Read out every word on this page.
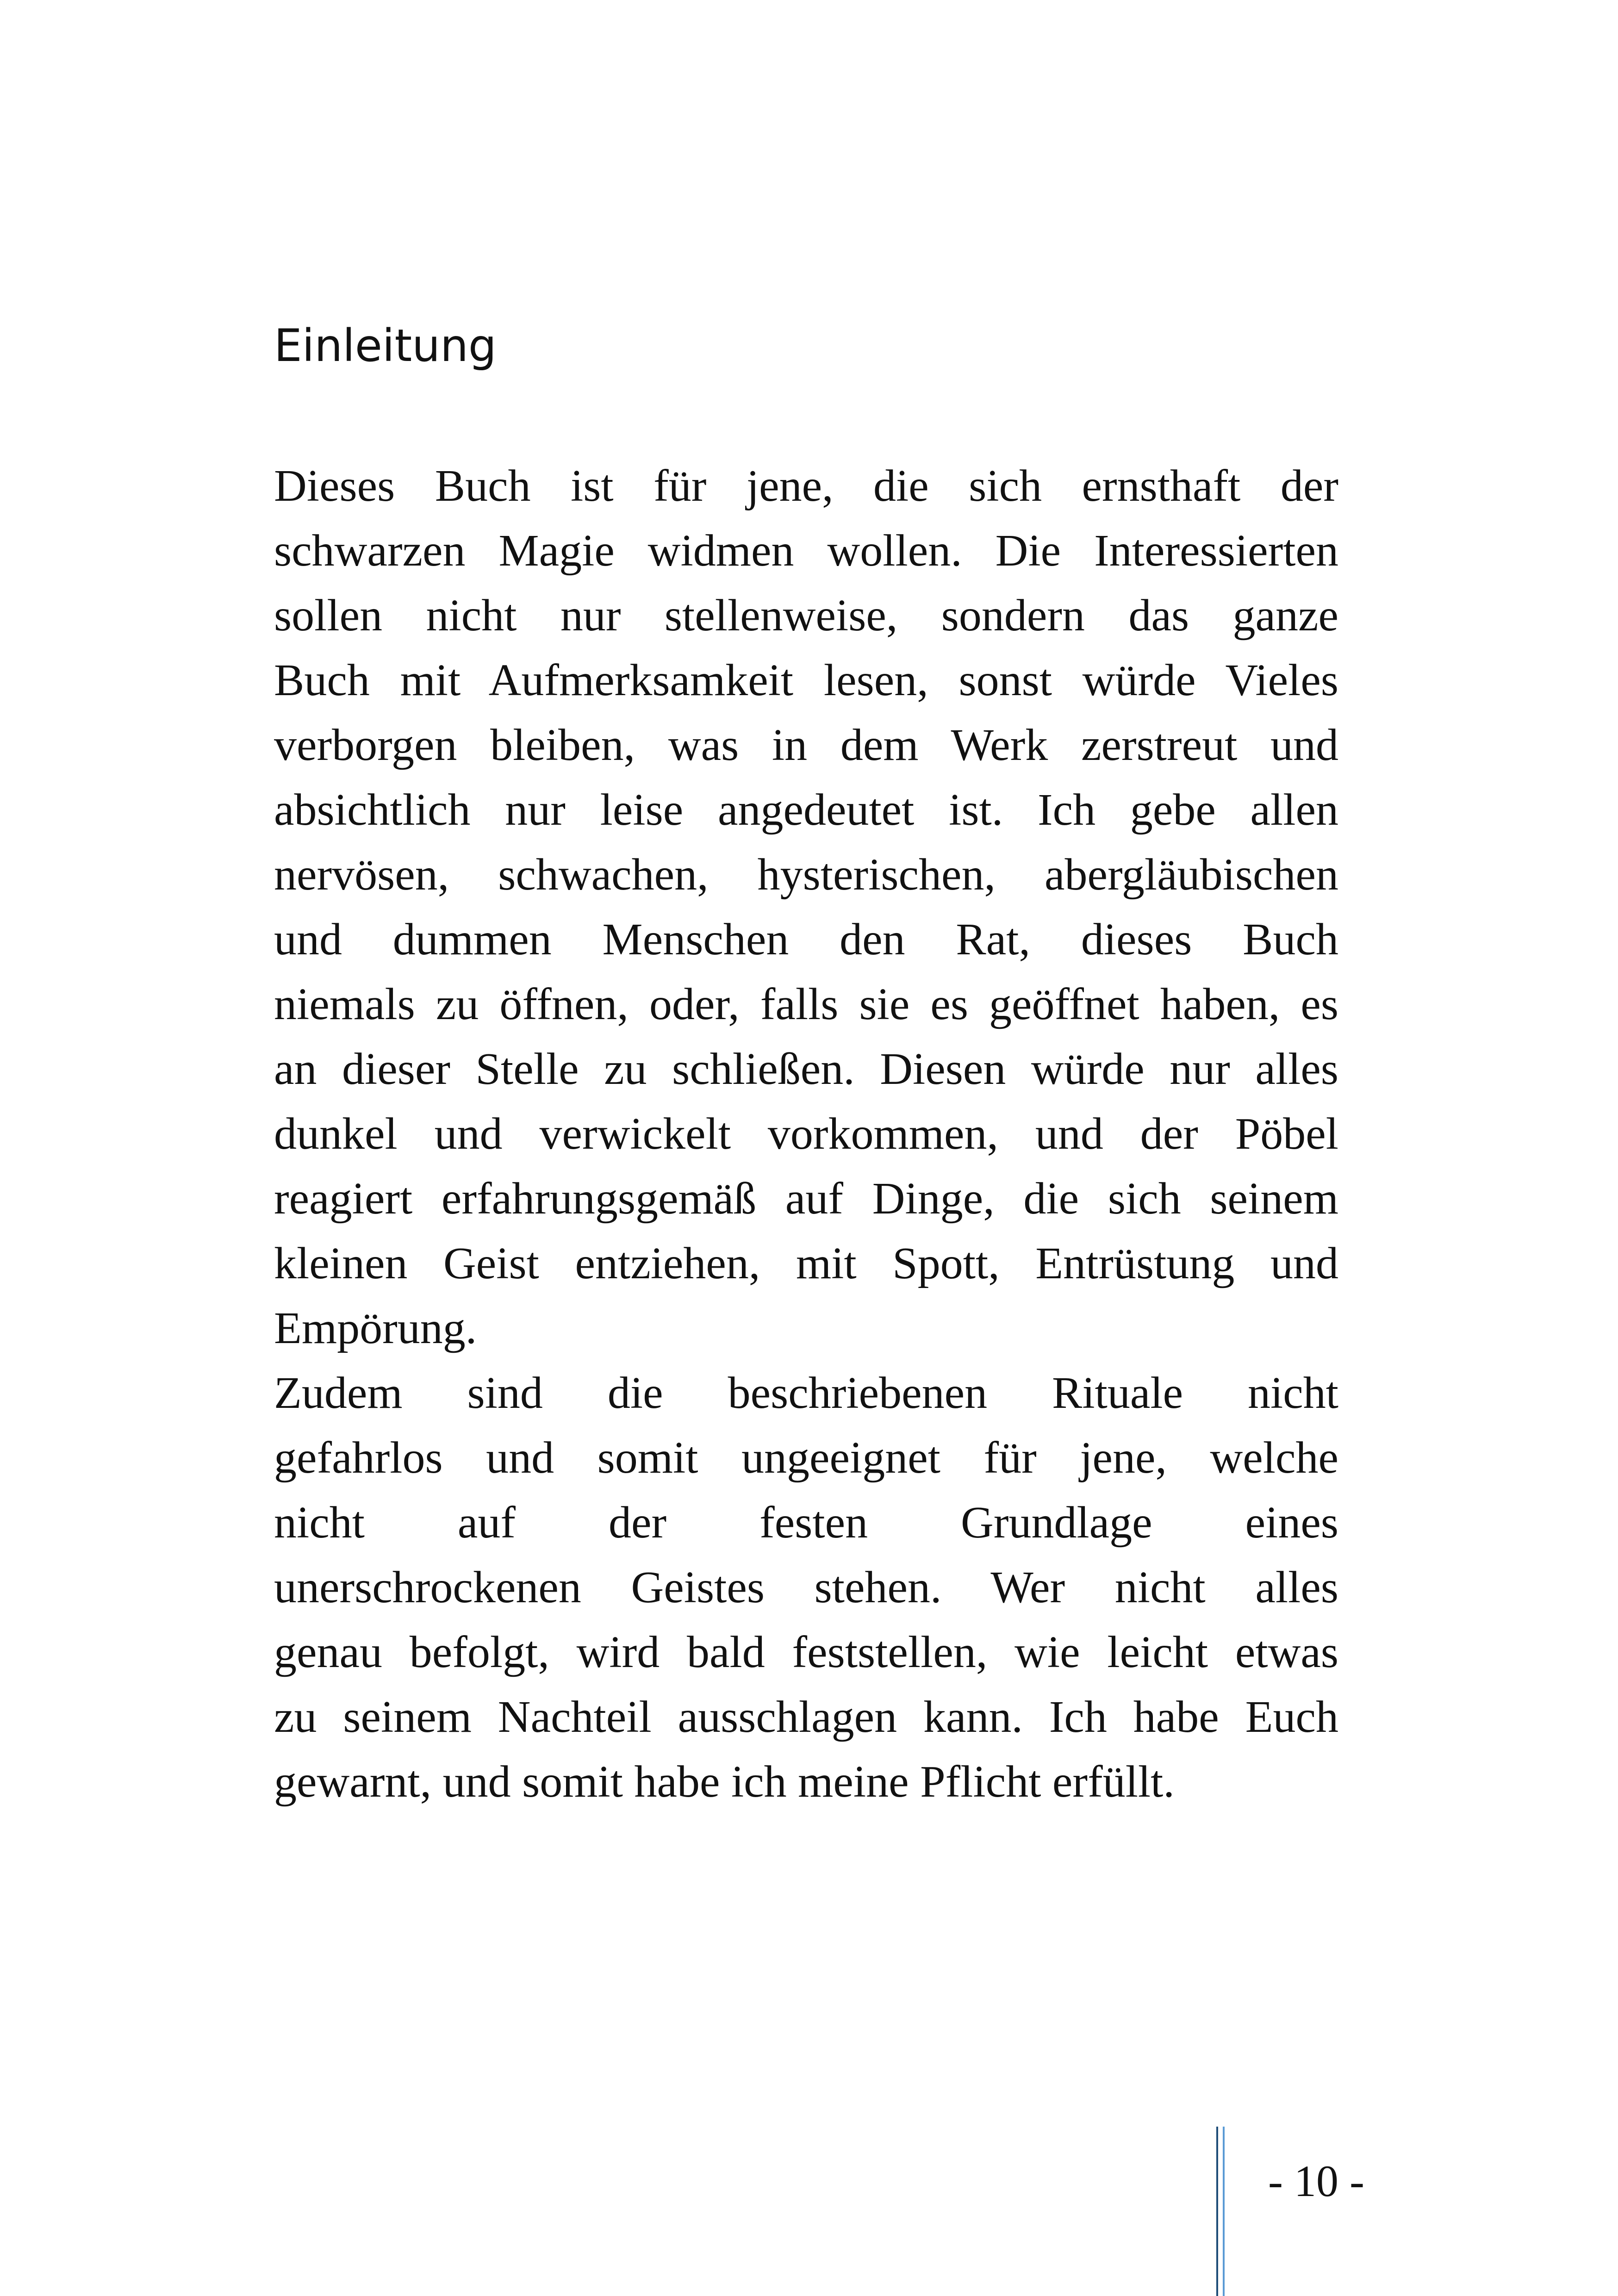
Einleitung

Dieses Buch ist für jene, die sich ernsthaft der
schwarzen Magie widmen wollen. Die Interessierten
sollen nicht nur stellenweise, sondern das ganze
Buch mit Aufmerksamkeit lesen, sonst würde Vieles
verborgen bleiben, was in dem Werk zerstreut und
absichtlich nur leise angedeutet ist. Ich gebe allen
nervösen, schwachen, hysterischen, abergläubischen
und dummen Menschen den Rat, dieses Buch
niemals zu öffnen, oder, falls sie es geöffnet haben, es
an dieser Stelle zu schließen. Diesen würde nur alles
dunkel und verwickelt vorkommen, und der Pöbel
reagiert erfahrungsgemäß auf Dinge, die sich seinem
kleinen Geist entziehen, mit Spott, Entrüstung und
Empörung.

Zudem sind die beschriebenen Rituale nicht
gefahrlos und somit ungeeignet für jene, welche
nicht auf der festen Grundlage eines
unerschrockenen Geistes stehen. Wer nicht alles
genau befolgt, wird bald feststellen, wie leicht etwas
zu seinem Nachteil ausschlagen kann. Ich habe Euch
gewarnt, und somit habe ich meine Pflicht erfüllt.

- 10 -
